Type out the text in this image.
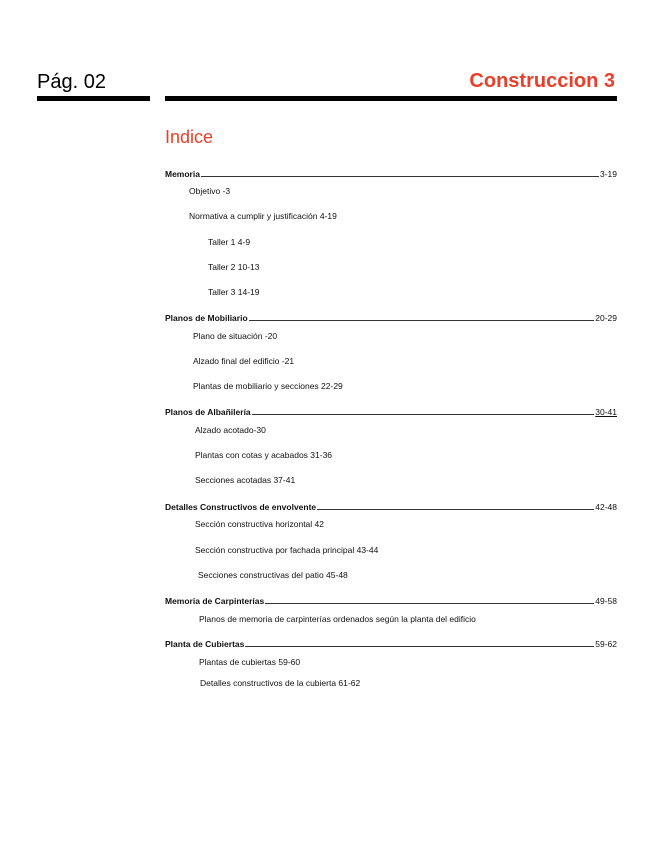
Pág. 02	Construccion 3
Indice
Memoria	3-19
Objetivo -3
Normativa a cumplir y justificación 4-19
Taller 1 4-9
Taller 2 10-13
Taller 3 14-19
Planos de Mobiliario	20-29
Plano de situación -20
Alzado final del edificio -21
Plantas de mobiliario y secciones 22-29
Planos de Albañilería	30-41
Alzado acotado-30
Plantas con cotas y acabados 31-36
Secciones acotadas 37-41
Detalles Constructivos de envolvente	42-48
Sección constructiva horizontal 42
Sección constructiva por fachada principal 43-44
Secciones constructivas del patio 45-48
Memoria de Carpinterías	49-58
Planos de memoria de carpinterías ordenados según la planta del edificio
Planta de Cubiertas	59-62
Plantas de cubiertas 59-60
Detalles constructivos de la cubierta 61-62
